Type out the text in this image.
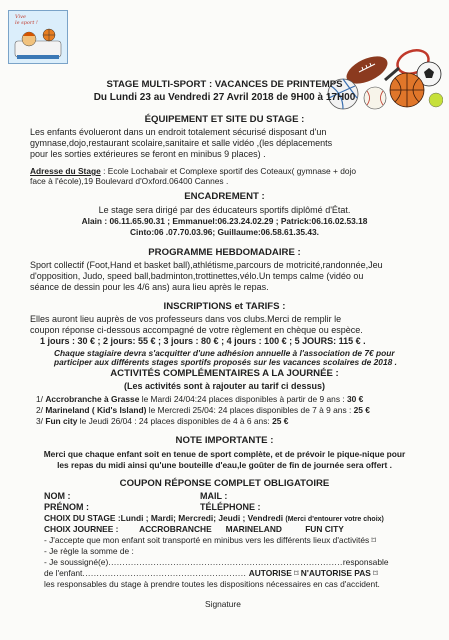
Vive
le sport !
STAGE MULTI-SPORT : VACANCES DE PRINTEMPS
Du Lundi 23 au Vendredi 27 Avril 2018 de 9H00 à 17H00
ÉQUIPEMENT ET SITE DU STAGE :
Les enfants évolueront dans un endroit totalement sécurisé disposant d'un
gymnase,dojo,restaurant scolaire,sanitaire et salle vidéo ,(les déplacements
pour les sorties extérieures se feront en minibus 9 places) .
Adresse du Stage : Ecole Lochabair et Complexe sportif des Coteaux( gymnase + dojo
face à l'école),19 Boulevard d'Oxford.06400 Cannes .
ENCADREMENT :
Le stage sera dirigé par des éducateurs sportifs diplômé d'État.
Alain : 06.11.65.90.31 ; Emmanuel:06.23.24.02.29 ; Patrick:06.16.02.53.18
Cinto:06 .07.70.03.96; Guillaume:06.58.61.35.43.
PROGRAMME HEBDOMADAIRE :
Sport collectif (Foot,Hand et basket ball),athlétisme,parcours de motricité,randonnée,Jeu
d'opposition, Judo, speed ball,badminton,trottinettes,vélo.Un temps calme (vidéo ou
séance de dessin pour les 4/6 ans) aura lieu après le repas.
INSCRIPTIONS et TARIFS :
Elles auront lieu auprès de vos professeurs dans vos clubs.Merci de remplir le
coupon réponse ci-dessous accompagné de votre règlement en chèque ou espèce.
1 jours : 30 € ; 2 jours: 55 € ; 3 jours : 80 € ; 4 jours : 100 € ; 5 JOURS: 115 € .
Chaque stagiaire devra s'acquitter d'une adhésion annuelle à l'association de 7€ pour
participer aux différents stages sportifs proposés sur les vacances scolaires de 2018 .
ACTIVITÉS COMPLÉMENTAIRES A LA JOURNÉE :
(Les activités sont à rajouter au tarif ci dessus)
1/ Accrobranche à Grasse le Mardi 24/04:24 places disponibles à partir de 9 ans : 30 €
2/ Marineland ( Kid's Island) le Mercredi 25/04: 24 places disponibles de 7 à 9 ans : 25 €
3/ Fun city le Jeudi 26/04 : 24 places disponibles de 4 à 6 ans: 25 €
NOTE IMPORTANTE :
Merci que chaque enfant soit en tenue de sport complète, et de prévoir le pique-nique pour
les repas du midi ainsi qu'une bouteille d'eau,le goûter de fin de journée sera offert .
COUPON RÉPONSE COMPLET OBLIGATOIRE
NOM :	MAIL :
PRÉNOM :	TÉLÉPHONE :
CHOIX DU STAGE :Lundi ; Mardi; Mercredi; Jeudi ; Vendredi (Merci d'entourer votre choix)
CHOIX JOURNEE :         ACCROBRANCHE      MARINELAND          FUN CITY
- J'accepte que mon enfant soit transporté en minibus vers les différents lieux d'activités ⌑
- Je règle la somme de :
- Je soussigné(e)...................................................................................responsable
de l'enfant.......................................................... AUTORISE ⌑ N'AUTORISE PAS ⌑
les responsables du stage à prendre toutes les dispositions nécessaires en cas d'accident.
Signature
